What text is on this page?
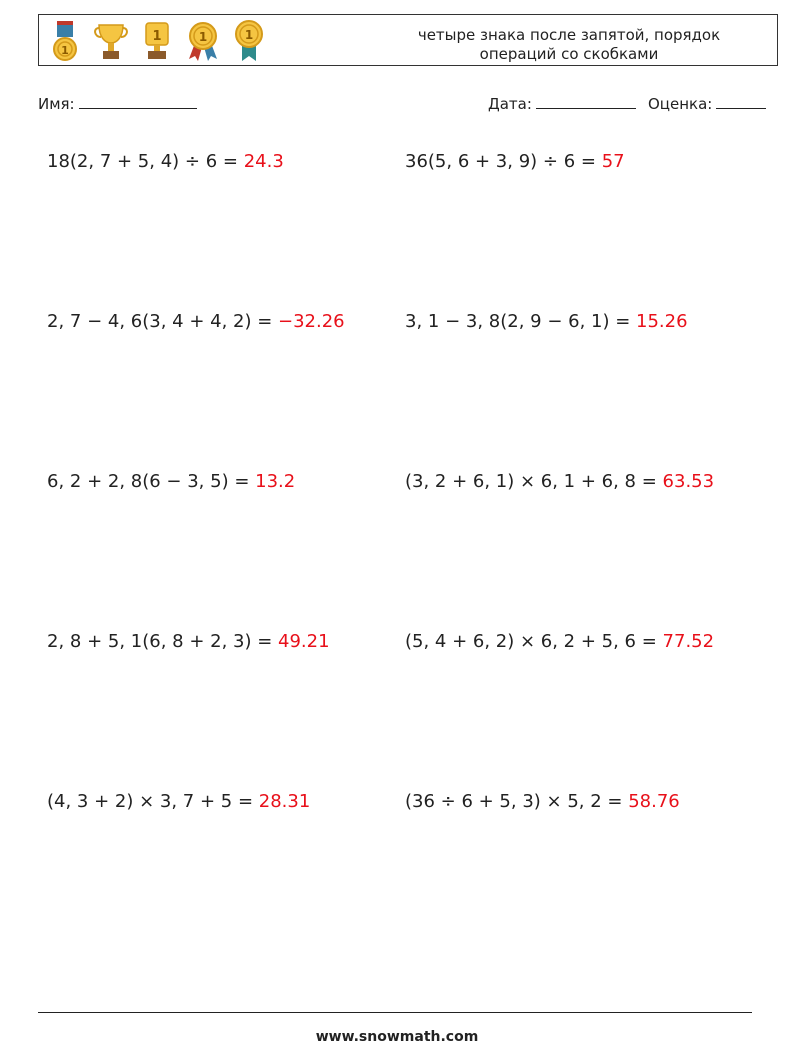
1
1	1	1	четыре знака после запятой, порядок
операций со скобками
Имя:	Дата:	Оценка:
18(2, 7 + 5, 4) ÷ 6 = 24.3	36(5, 6 + 3, 9) ÷ 6 = 57
2, 7 − 4, 6(3, 4 + 4, 2) = −32.26	3, 1 − 3, 8(2, 9 − 6, 1) = 15.26
6, 2 + 2, 8(6 − 3, 5) = 13.2	(3, 2 + 6, 1) × 6, 1 + 6, 8 = 63.53
2, 8 + 5, 1(6, 8 + 2, 3) = 49.21	(5, 4 + 6, 2) × 6, 2 + 5, 6 = 77.52
(4, 3 + 2) × 3, 7 + 5 = 28.31	(36 ÷ 6 + 5, 3) × 5, 2 = 58.76
www.snowmath.com
